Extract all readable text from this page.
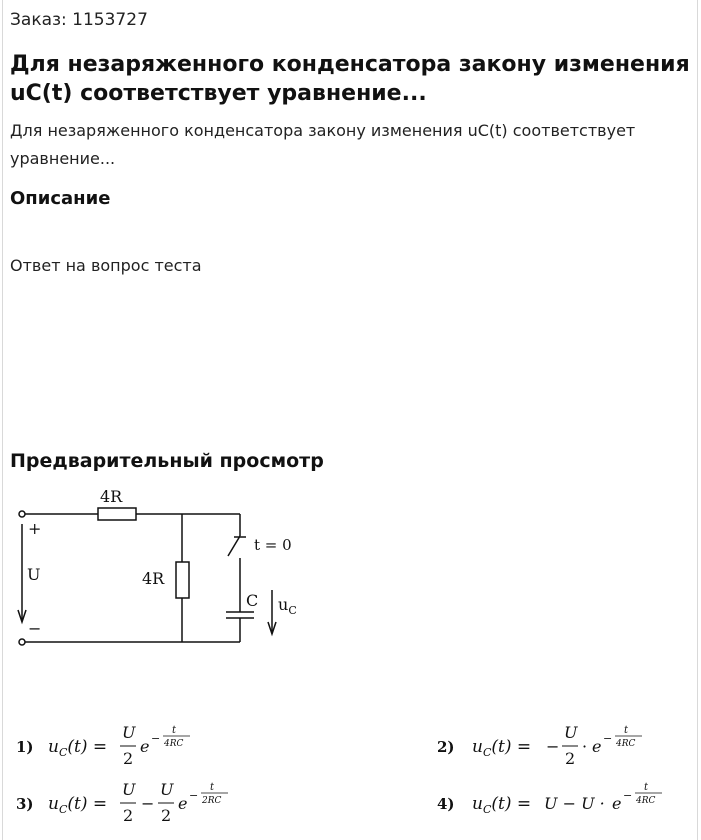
Заказ: 1153727
Для незаряженного конденсатора закону изменения uC(t) соответствует уравнение...
Для незаряженного конденсатора закону изменения uC(t) соответствует уравнение...
Описание
Ответ на вопрос теста
Предварительный просмотр
4R
4R
t = 0
C
+
−
U
$u_C$
1) $u_C(t)$ =
U
2
e −
t
4RC	2) $u_C(t)$ = −
U
2
· e −
t
4RC
3) $u_C(t)$ =
U
2
−
U
2
e −
t
2RC	4) $u_C(t) = U - U \cdot e$ −
t
4RC
